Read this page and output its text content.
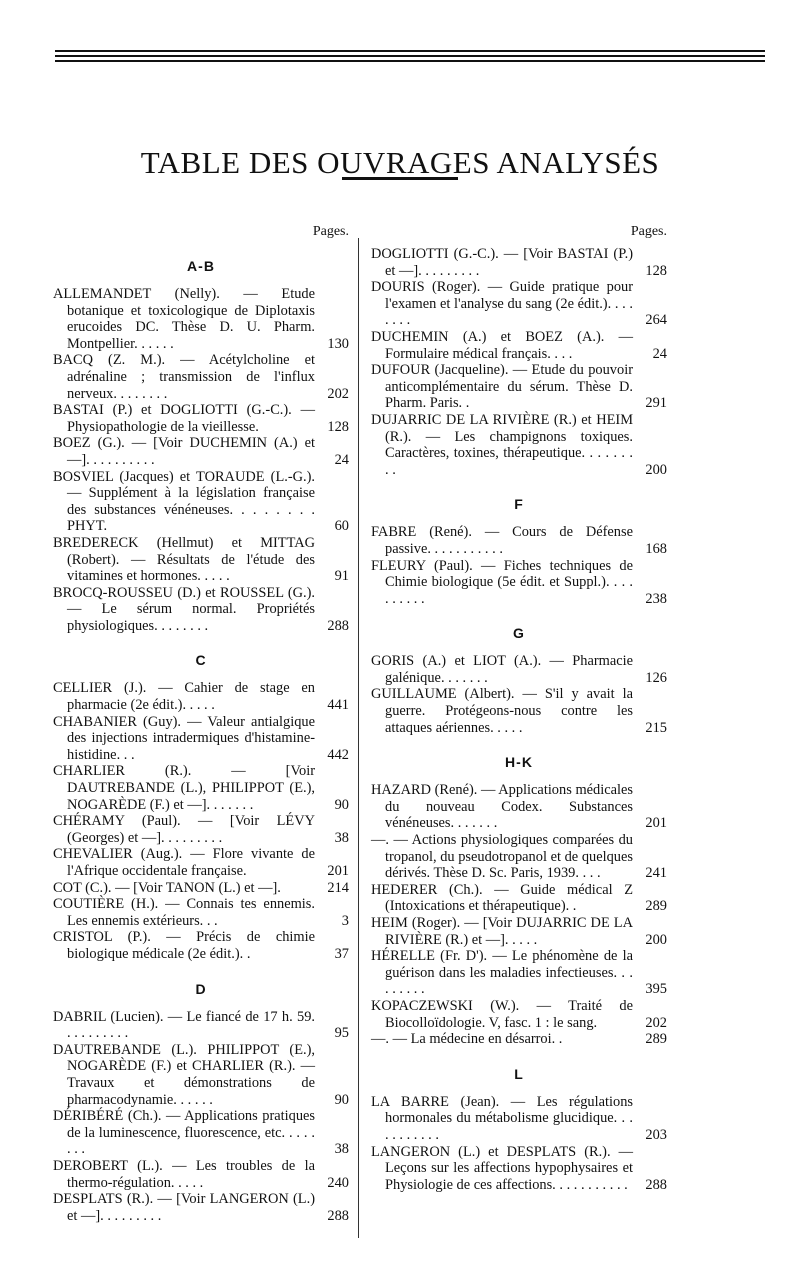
TABLE DES OUVRAGES ANALYSÉS
Pages.
A-B
ALLEMANDET (Nelly). — Etude botanique et toxicologique de Diplotaxis erucoides DC. Thèse D. U. Pharm. Montpellier. . . . . .	130
BACQ (Z. M.). — Acétylcholine et adrénaline ; transmission de l'influx nerveux. . . . . . . .	202
BASTAI (P.) et DOGLIOTTI (G.-C.). — Physiopathologie de la vieillesse.	128
BOEZ (G.). — [Voir DUCHEMIN (A.) et —]. . . . . . . . . .	24
BOSVIEL (Jacques) et TORAUDE (L.-G.). — Supplément à la législation française des substances vénéneuses. . . . . . . . PHYT.	60
BREDERECK (Hellmut) et MITTAG (Robert). — Résultats de l'étude des vitamines et hormones. . . . .	91
BROCQ-ROUSSEU (D.) et ROUSSEL (G.). — Le sérum normal. Propriétés physiologiques. . . . . . . .	288
C
CELLIER (J.). — Cahier de stage en pharmacie (2e édit.). . . . .	441
CHABANIER (Guy). — Valeur antialgique des injections intradermiques d'histamine-histidine. . .	442
CHARLIER (R.). — [Voir DAUTREBANDE (L.), PHILIPPOT (E.), NOGARÈDE (F.) et —]. . . . . . .	90
CHÉRAMY (Paul). — [Voir LÉVY (Georges) et —]. . . . . . . . .	38
CHEVALIER (Aug.). — Flore vivante de l'Afrique occidentale française.	201
COT (C.). — [Voir TANON (L.) et —].	214
COUTIÈRE (H.). — Connais tes ennemis. Les ennemis extérieurs. . .	3
CRISTOL (P.). — Précis de chimie biologique médicale (2e édit.). .	37
D
DABRIL (Lucien). — Le fiancé de 17 h. 59. . . . . . . . . .	95
DAUTREBANDE (L.). PHILIPPOT (E.), NOGARÈDE (F.) et CHARLIER (R.). — Travaux et démonstrations de pharmacodynamie. . . . . .	90
DÉRIBÉRÉ (Ch.). — Applications pratiques de la luminescence, fluorescence, etc. . . . . . . .	38
DEROBERT (L.). — Les troubles de la thermo-régulation. . . . .	240
DESPLATS (R.). — [Voir LANGERON (L.) et —]. . . . . . . . .	288
Pages.
DOGLIOTTI (G.-C.). — [Voir BASTAI (P.) et —]. . . . . . . . .	128
DOURIS (Roger). — Guide pratique pour l'examen et l'analyse du sang (2e édit.). . . . . . . .	264
DUCHEMIN (A.) et BOEZ (A.). — Formulaire médical français. . . .	24
DUFOUR (Jacqueline). — Etude du pouvoir anticomplémentaire du sérum. Thèse D. Pharm. Paris. .	291
DUJARRIC DE LA RIVIÈRE (R.) et HEIM (R.). — Les champignons toxiques. Caractères, toxines, thérapeutique. . . . . . . . .	200
F
FABRE (René). — Cours de Défense passive. . . . . . . . . . .	168
FLEURY (Paul). — Fiches techniques de Chimie biologique (5e édit. et Suppl.). . . . . . . . . .	238
G
GORIS (A.) et LIOT (A.). — Pharmacie galénique. . . . . . .	126
GUILLAUME (Albert). — S'il y avait la guerre. Protégeons-nous contre les attaques aériennes. . . . .	215
H-K
HAZARD (René). — Applications médicales du nouveau Codex. Substances vénéneuses. . . . . . .	201
—. — Actions physiologiques comparées du tropanol, du pseudotropanol et de quelques dérivés. Thèse D. Sc. Paris, 1939. . . .	241
HEDERER (Ch.). — Guide médical Z (Intoxications et thérapeutique). .	289
HEIM (Roger). — [Voir DUJARRIC DE LA RIVIÈRE (R.) et —]. . . . .	200
HÉRELLE (Fr. D'). — Le phénomène de la guérison dans les maladies infectieuses. . . . . . . . .	395
KOPACZEWSKI (W.). — Traité de Biocolloïdologie. V, fasc. 1 : le sang.	202
—. — La médecine en désarroi. .	289
L
LA BARRE (Jean). — Les régulations hormonales du métabolisme glucidique. . . . . . . . . . .	203
LANGERON (L.) et DESPLATS (R.). — Leçons sur les affections hypophysaires et Physiologie de ces affections. . . . . . . . . . .	288
